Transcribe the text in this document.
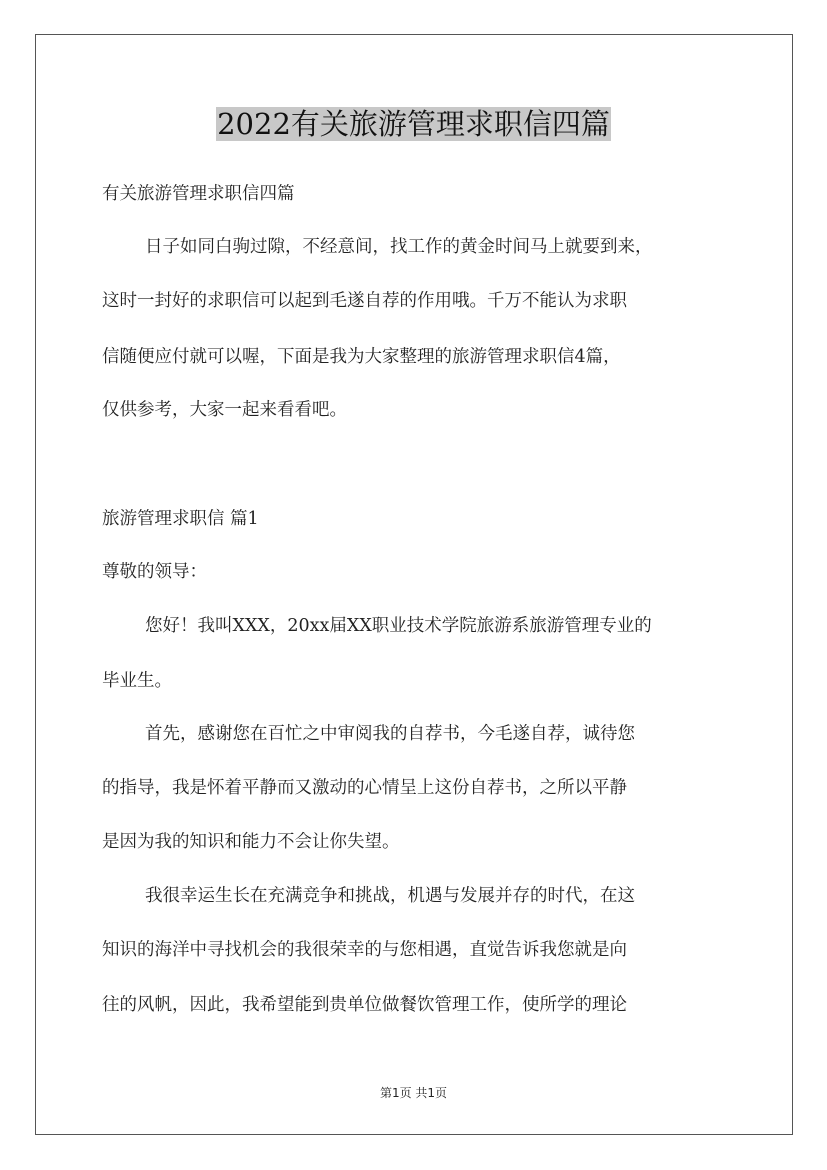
2022有关旅游管理求职信四篇
有关旅游管理求职信四篇
日子如同白驹过隙，不经意间，找工作的黄金时间马上就要到来，
这时一封好的求职信可以起到毛遂自荐的作用哦。千万不能认为求职
信随便应付就可以喔，下面是我为大家整理的旅游管理求职信4篇，
仅供参考，大家一起来看看吧。
旅游管理求职信 篇1
尊敬的领导：
您好！我叫XXX，20xx届XX职业技术学院旅游系旅游管理专业的
毕业生。
首先，感谢您在百忙之中审阅我的自荐书，今毛遂自荐，诚待您
的指导，我是怀着平静而又激动的心情呈上这份自荐书，之所以平静
是因为我的知识和能力不会让你失望。
我很幸运生长在充满竞争和挑战，机遇与发展并存的时代，在这
知识的海洋中寻找机会的我很荣幸的与您相遇，直觉告诉我您就是向
往的风帆，因此，我希望能到贵单位做餐饮管理工作，使所学的理论
第1页 共1页
